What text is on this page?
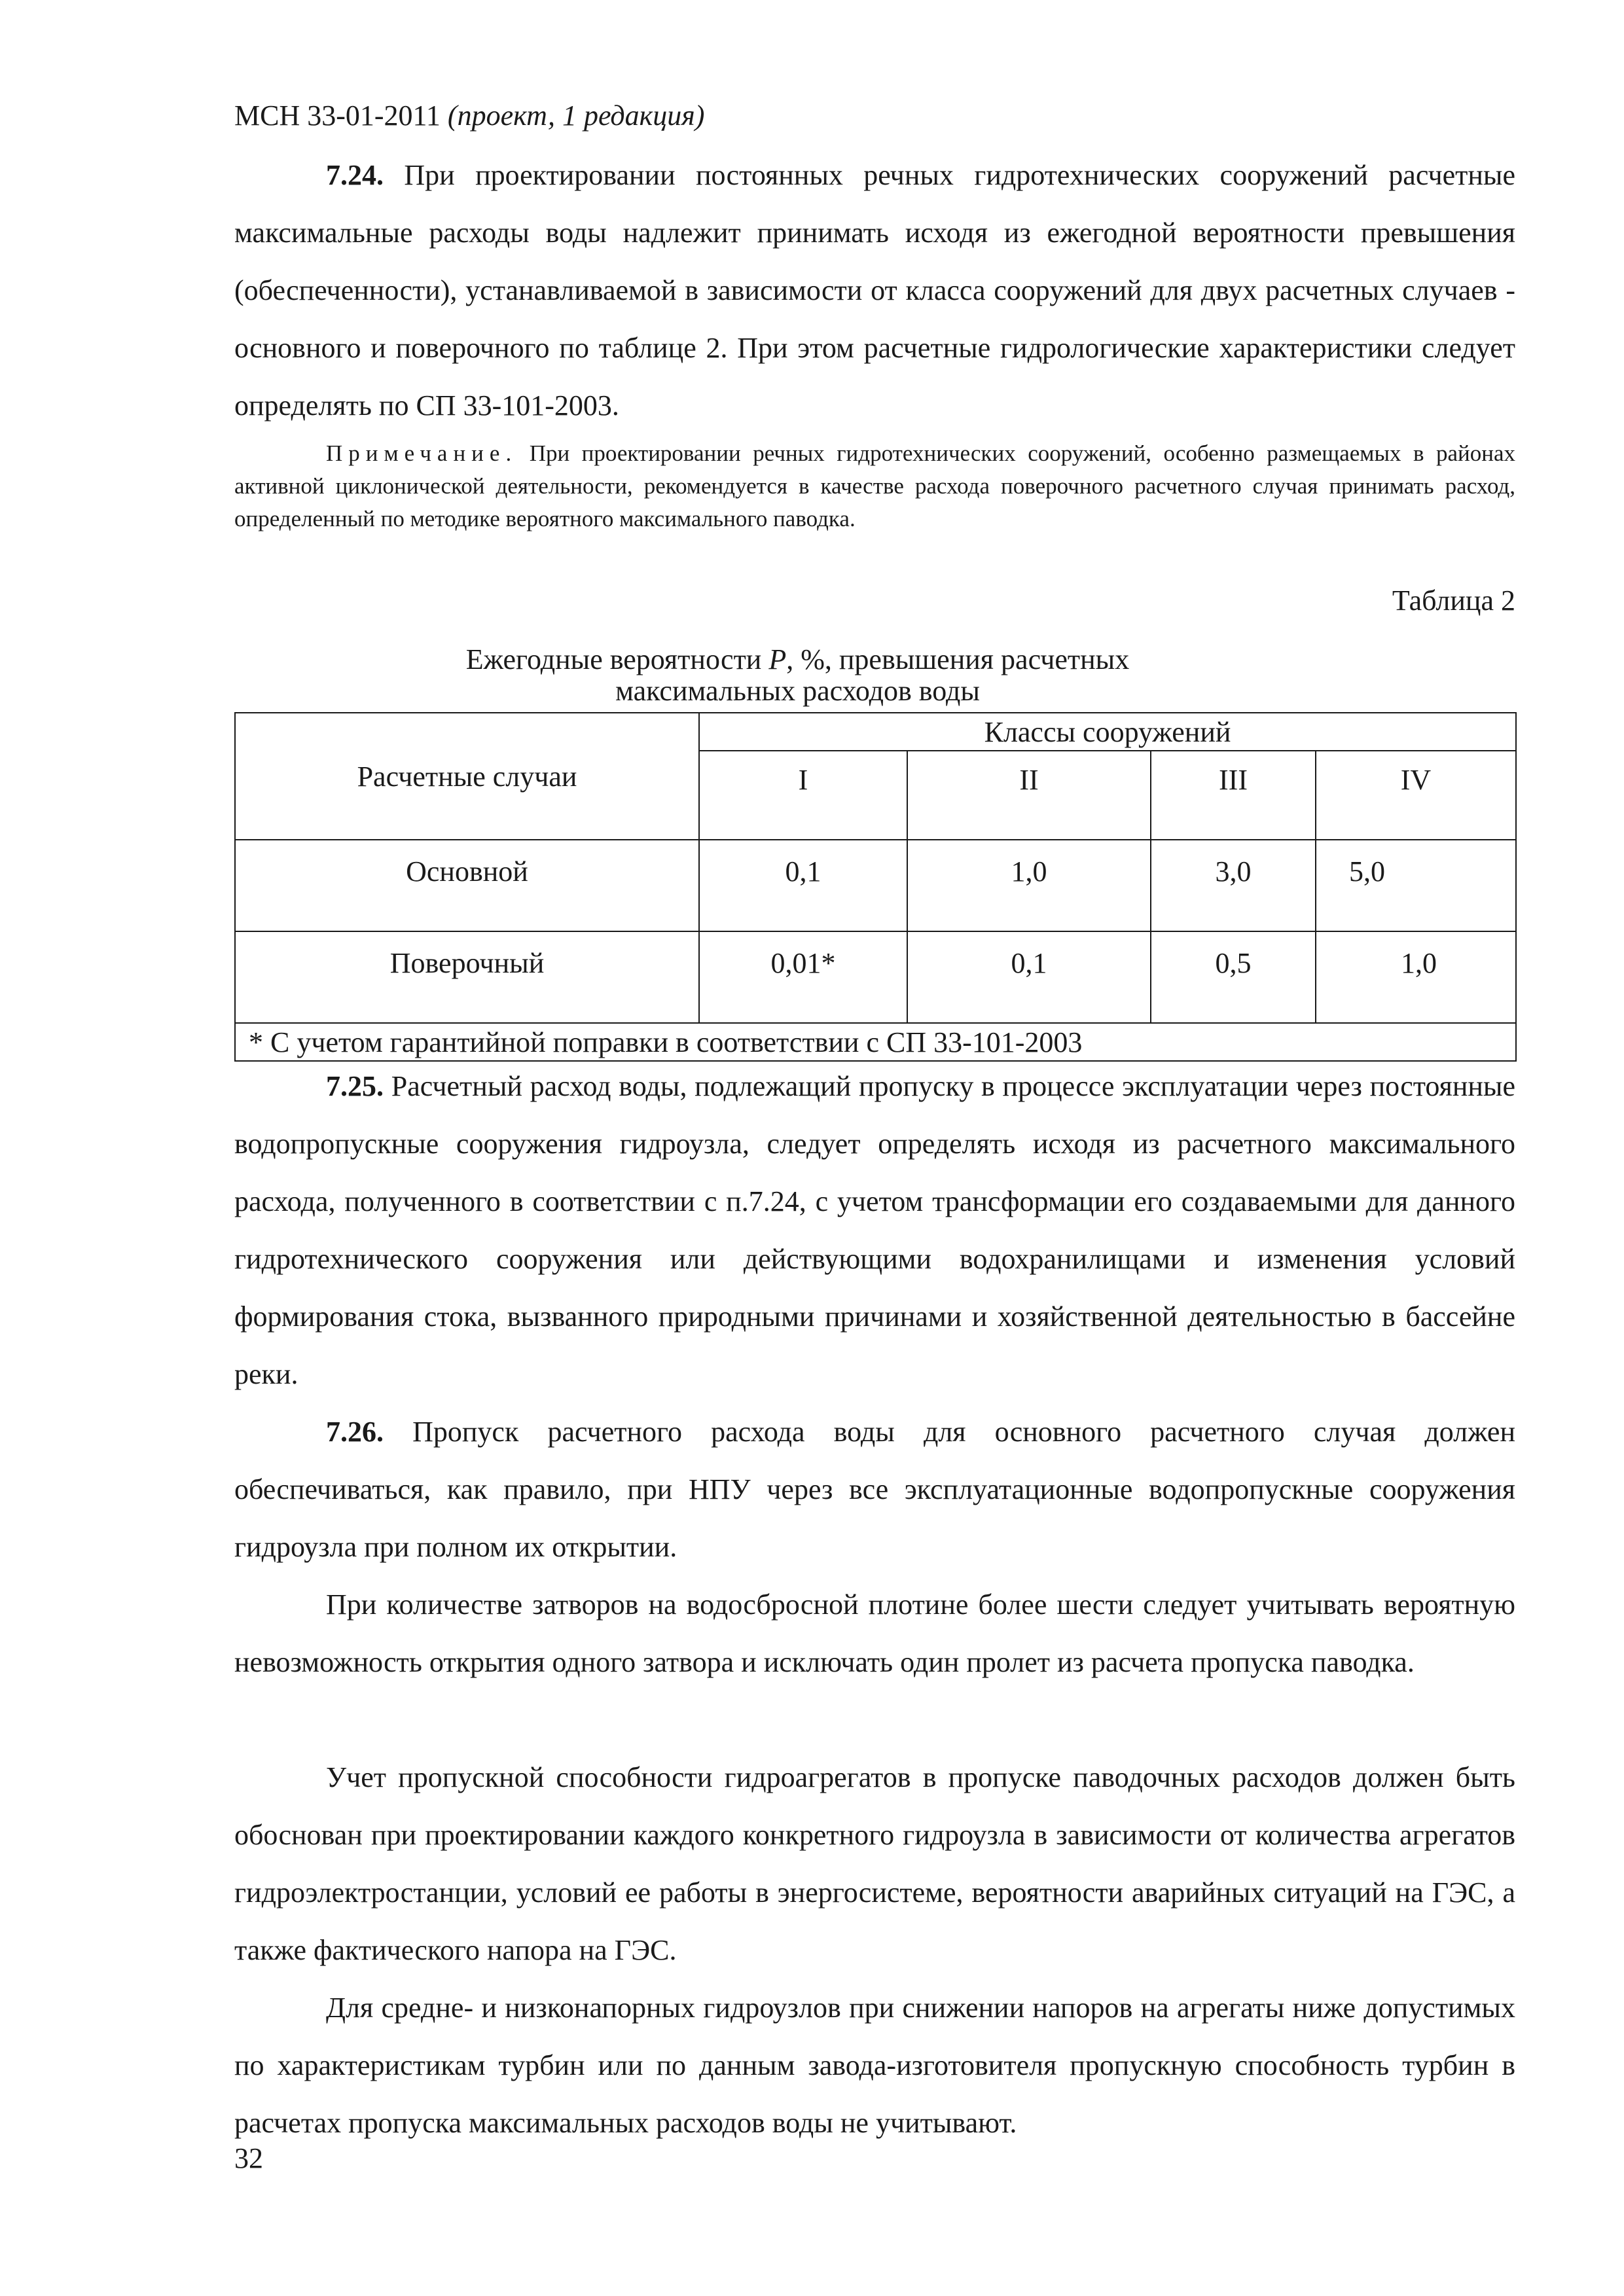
МСН 33-01-2011 (проект, 1 редакция)

7.24. При проектировании постоянных речных гидротехнических сооружений расчетные максимальные расходы воды надлежит принимать исходя из ежегодной вероятности превышения (обеспеченности), устанавливаемой в зависимости от класса сооружений для двух расчетных случаев - основного и поверочного по таблице 2. При этом расчетные гидрологические характеристики следует определять по СП 33-101-2003.

Примечание. При проектировании речных гидротехнических сооружений, особенно размещаемых в районах активной циклонической деятельности, рекомендуется в качестве расхода поверочного расчетного случая принимать расход, определенный по методике вероятного максимального паводка.

Таблица 2
Ежегодные вероятности P, %, превышения расчетных
максимальных расходов воды
Расчетные случаи	Классы сооружений			
	I	II	III	IV
Основной	0,1	1,0	3,0	5,0
Поверочный	0,01*	0,1	0,5	1,0
* С учетом гарантийной поправки в соответствии с СП 33-101-2003				

7.25. Расчетный расход воды, подлежащий пропуску в процессе эксплуатации через постоянные водопропускные сооружения гидроузла, следует определять исходя из расчетного максимального расхода, полученного в соответствии с п.7.24, с учетом трансформации его создаваемыми для данного гидротехнического сооружения или действующими водохранилищами и изменения условий формирования стока, вызванного природными причинами и хозяйственной деятельностью в бассейне реки.

7.26. Пропуск расчетного расхода воды для основного расчетного случая должен обеспечиваться, как правило, при НПУ через все эксплуатационные водопропускные сооружения гидроузла при полном их открытии.

При количестве затворов на водосбросной плотине более шести следует учитывать вероятную невозможность открытия одного затвора и исключать один пролет из расчета пропуска паводка.

Учет пропускной способности гидроагрегатов в пропуске паводочных расходов должен быть обоснован при проектировании каждого конкретного гидроузла в зависимости от количества агрегатов гидроэлектростанции, условий ее работы в энергосистеме, вероятности аварийных ситуаций на ГЭС, а также фактического напора на ГЭС.

Для средне- и низконапорных гидроузлов при снижении напоров на агрегаты ниже допустимых по характеристикам турбин или по данным завода-изготовителя пропускную способность турбин в расчетах пропуска максимальных расходов воды не учитывают.

32
